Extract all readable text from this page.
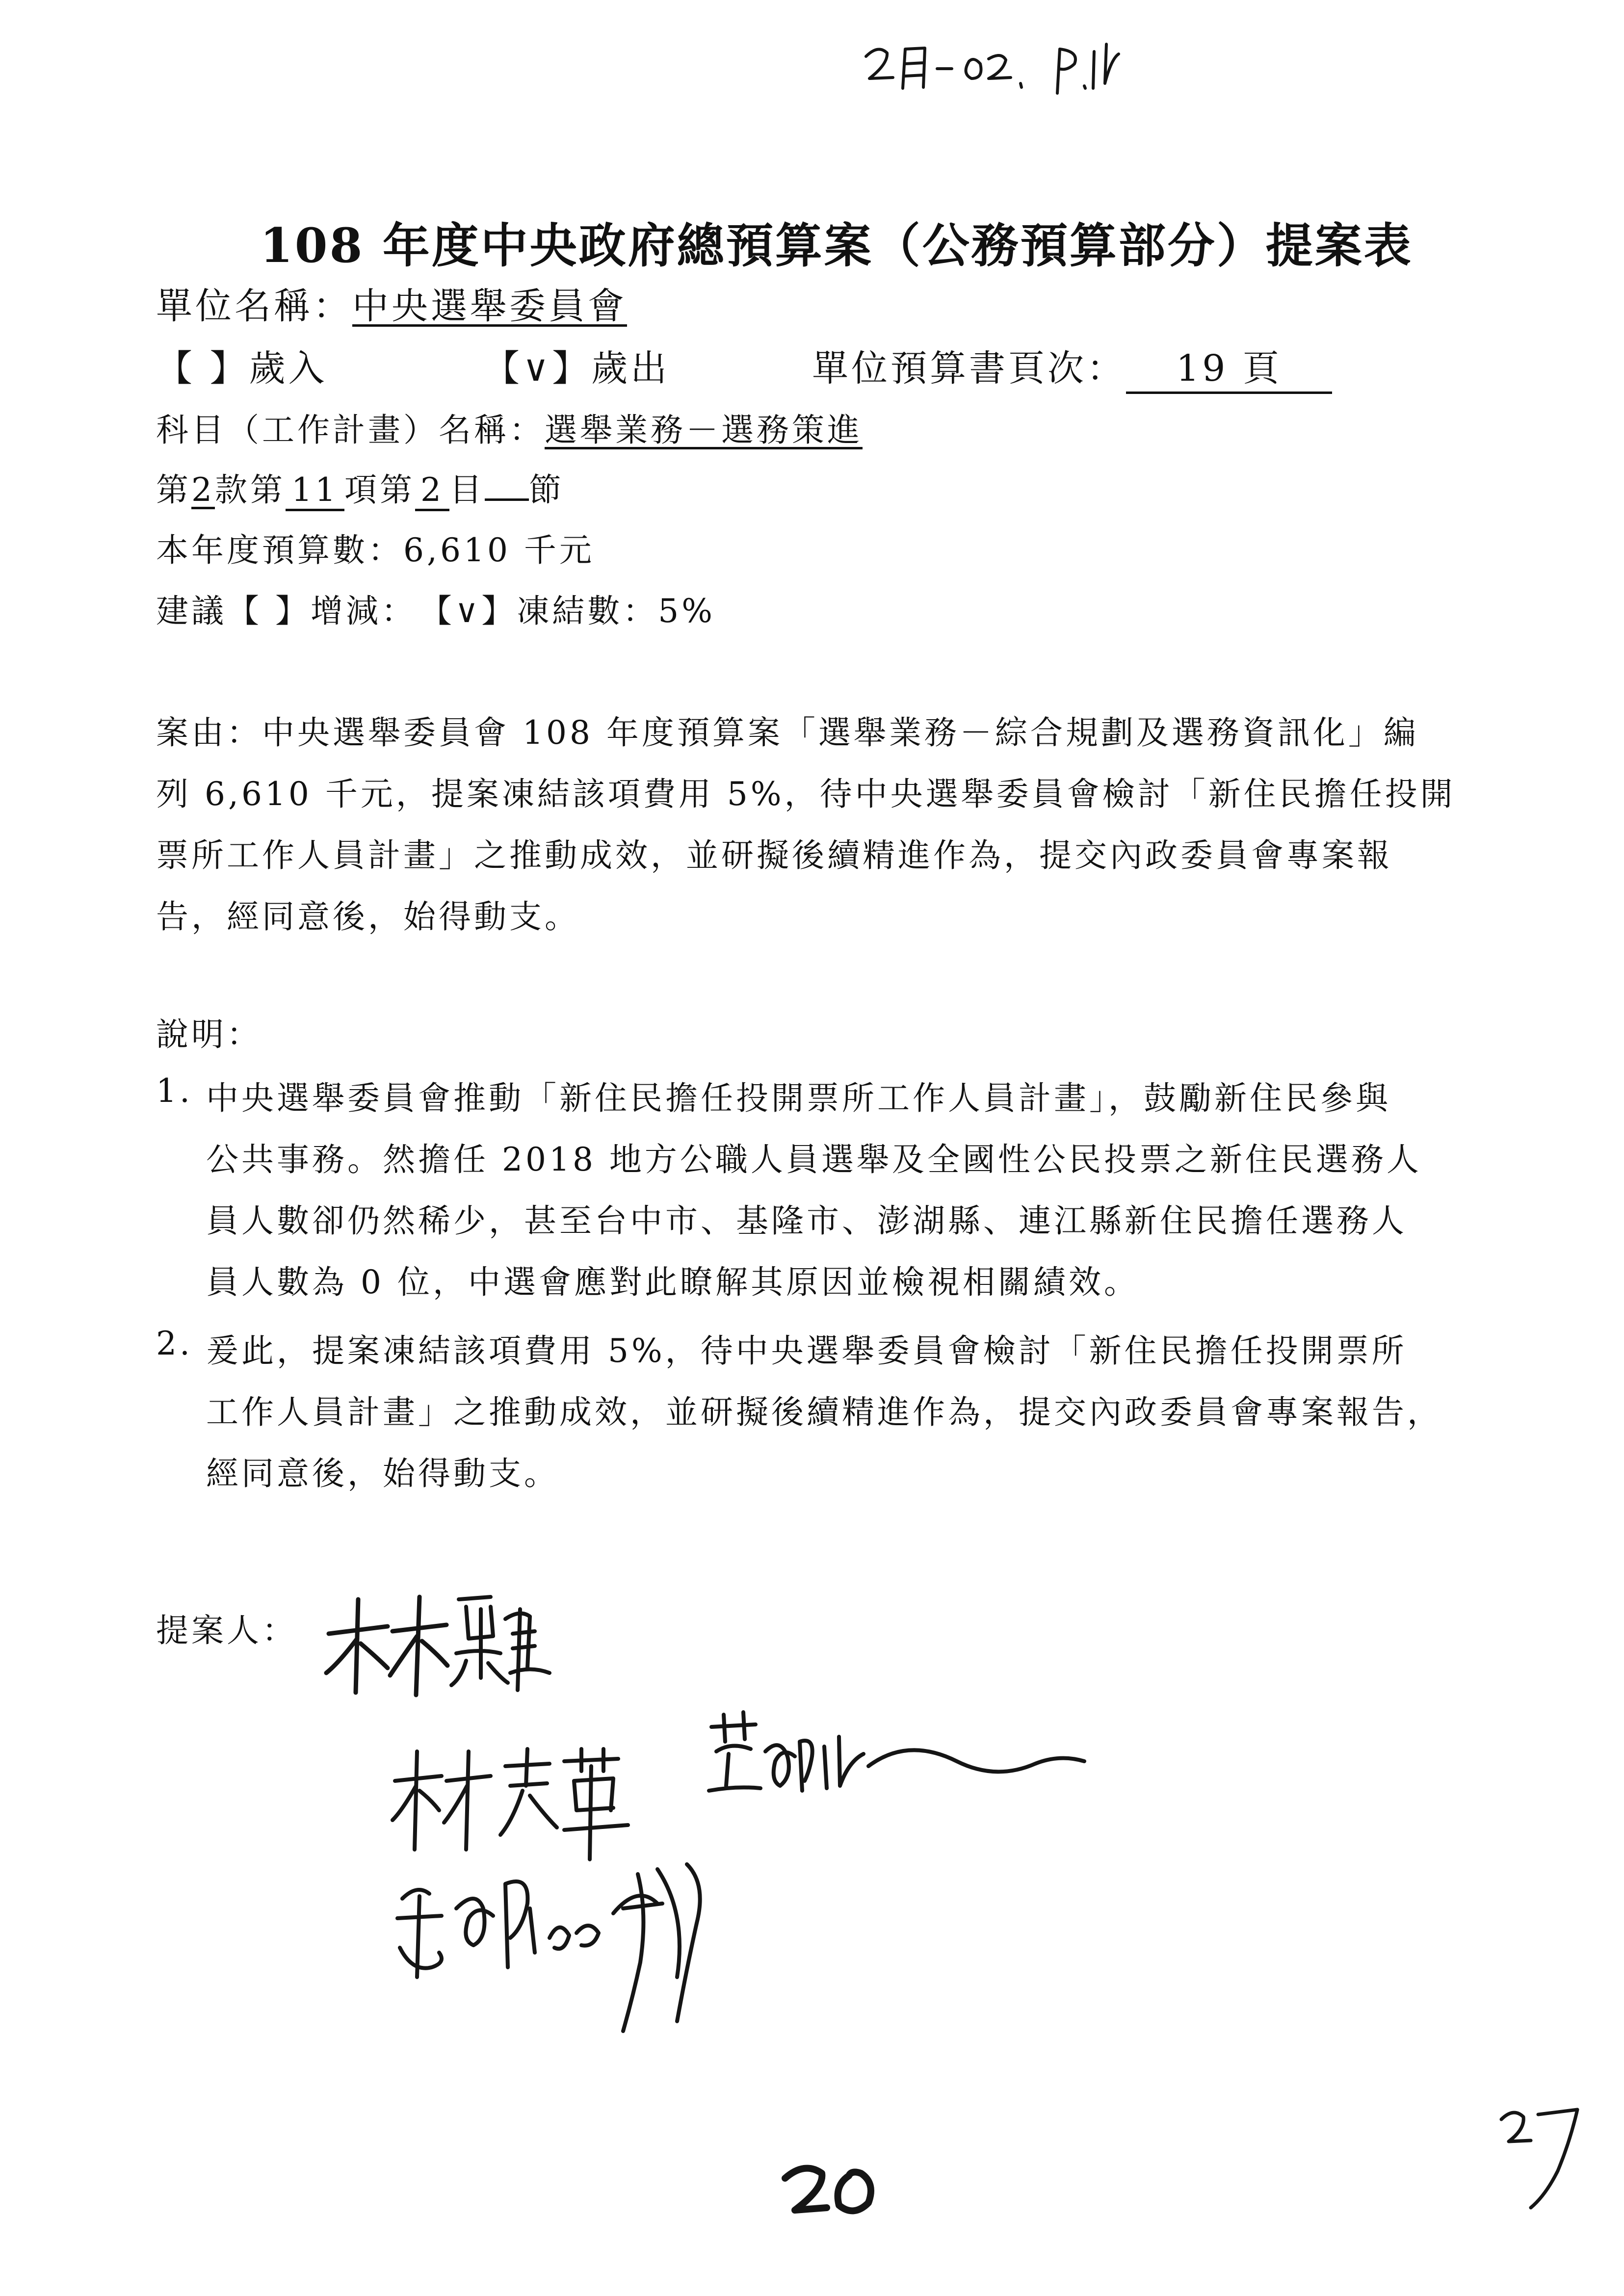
108 年度中央政府總預算案（公務預算部分）提案表
單位名稱：中央選舉委員會
【 】歲入	【∨】歲出	單位預算書頁次： 19 頁
科目（工作計畫）名稱：選舉業務－選務策進
第2款第 11 項第 2 目 節
本年度預算數：6,610 千元
建議【 】增減：　【∨】凍結數：5%
案由：中央選舉委員會 108 年度預算案「選舉業務－綜合規劃及選務資訊化」編
列 6,610 千元，提案凍結該項費用 5%，待中央選舉委員會檢討「新住民擔任投開
票所工作人員計畫」之推動成效，並研擬後續精進作為，提交內政委員會專案報
告，經同意後，始得動支。
說明：
1. 中央選舉委員會推動「新住民擔任投開票所工作人員計畫」，鼓勵新住民參與
公共事務。然擔任 2018 地方公職人員選舉及全國性公民投票之新住民選務人
員人數卻仍然稀少，甚至台中市、基隆市、澎湖縣、連江縣新住民擔任選務人
員人數為 0 位，中選會應對此瞭解其原因並檢視相關績效。
2. 爰此，提案凍結該項費用 5%，待中央選舉委員會檢討「新住民擔任投開票所
工作人員計畫」之推動成效，並研擬後續精進作為，提交內政委員會專案報告，
經同意後，始得動支。
提案人：
